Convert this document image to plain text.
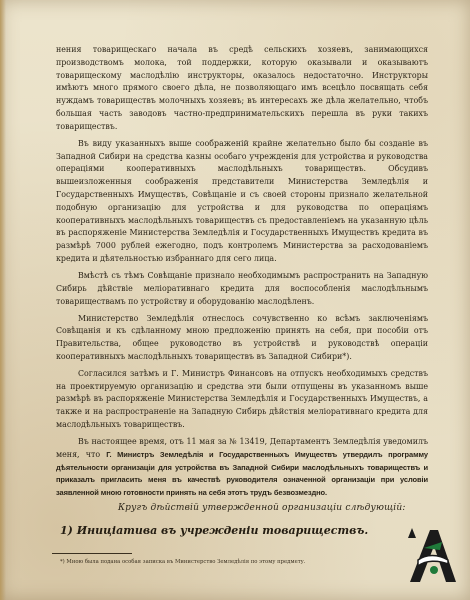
нения товарищескаго начала въ средѣ сельскихъ хозяевъ, занимающихся производствомъ молока, той поддержки, которую оказывали и оказываютъ товарищескому маслодѣлію инструкторы, оказалось недостаточно. Инструкторы имѣютъ много прямого своего дѣла, не позволяющаго имъ всецѣло посвящать себя нуждамъ товариществъ молочныхъ хозяевъ; въ интересахъ же дѣла желательно, чтобъ большая часть заводовъ частно-предпринимательскихъ перешла въ руки такихъ товариществъ.

Въ виду указанныхъ выше соображеній крайне желательно было бы созданіе въ Западной Сибири на средства казны особаго учрежденія для устройства и руководства операціями кооперативныхъ маслодѣльныхъ товариществъ. Обсудивъ вышеизложенныя соображенія представители Министерства Земледѣлія и Государственныхъ Имуществъ, Совѣщаніе и съ своей стороны признало желательной подобную организацію для устройства и для руководства по операціямъ кооперативныхъ маслодѣльныхъ товариществъ съ предоставленіемъ на указанную цѣль въ распоряженіе Министерства Земледѣлія и Государственныхъ Имуществъ кредита въ размѣрѣ 7000 рублей ежегодно, подъ контролемъ Министерства за расходованіемъ кредита и дѣятельностью избраннаго для сего лица.

Вмѣстѣ съ тѣмъ Совѣщаніе признало необходимымъ распространить на Западную Сибирь дѣйствіе меліоративнаго кредита для воспособленія маслодѣльнымъ товариществамъ по устройству и оборудованію маслодѣленъ.

Министерство Земледѣлія отнеслось сочувственно ко всѣмъ заключеніямъ Совѣщанія и къ сдѣланному мною предложенію принять на себя, при пособіи отъ Правительства, общее руководство въ устройствѣ и руководствѣ операціи кооперативныхъ маслодѣльныхъ товариществъ въ Западной Сибири*).

Согласился затѣмъ и Г. Министръ Финансовъ на отпускъ необходимыхъ средствъ на проектируемую организацію и средства эти были отпущены въ указанномъ выше размѣрѣ въ распоряженіе Министерства Земледѣлія и Государственныхъ Имуществъ, а также и на распространеніе на Западную Сибирь дѣйствія меліоративнаго кредита для маслодѣльныхъ товариществъ.

Въ настоящее время, отъ 11 мая за № 13419, Департаментъ Земледѣлія уведомилъ меня, что Г. Министръ Земледѣлія и Государственныхъ Имуществъ утвердилъ программу дѣятельности организаціи для устройства въ Западной Сибири маслодѣльныхъ товариществъ и приказалъ пригласить меня въ качествѣ руководителя означенной организаціи при условіи заявленной мною готовности принять на себя этотъ трудъ безвозмездно.

Кругъ дѣйствій утвержденной организаціи слѣдующій:
1) Иниціатива въ учрежденіи товариществъ.
*) Мною была подана особая записка въ Министерство Земледѣлія по этому предмету.
